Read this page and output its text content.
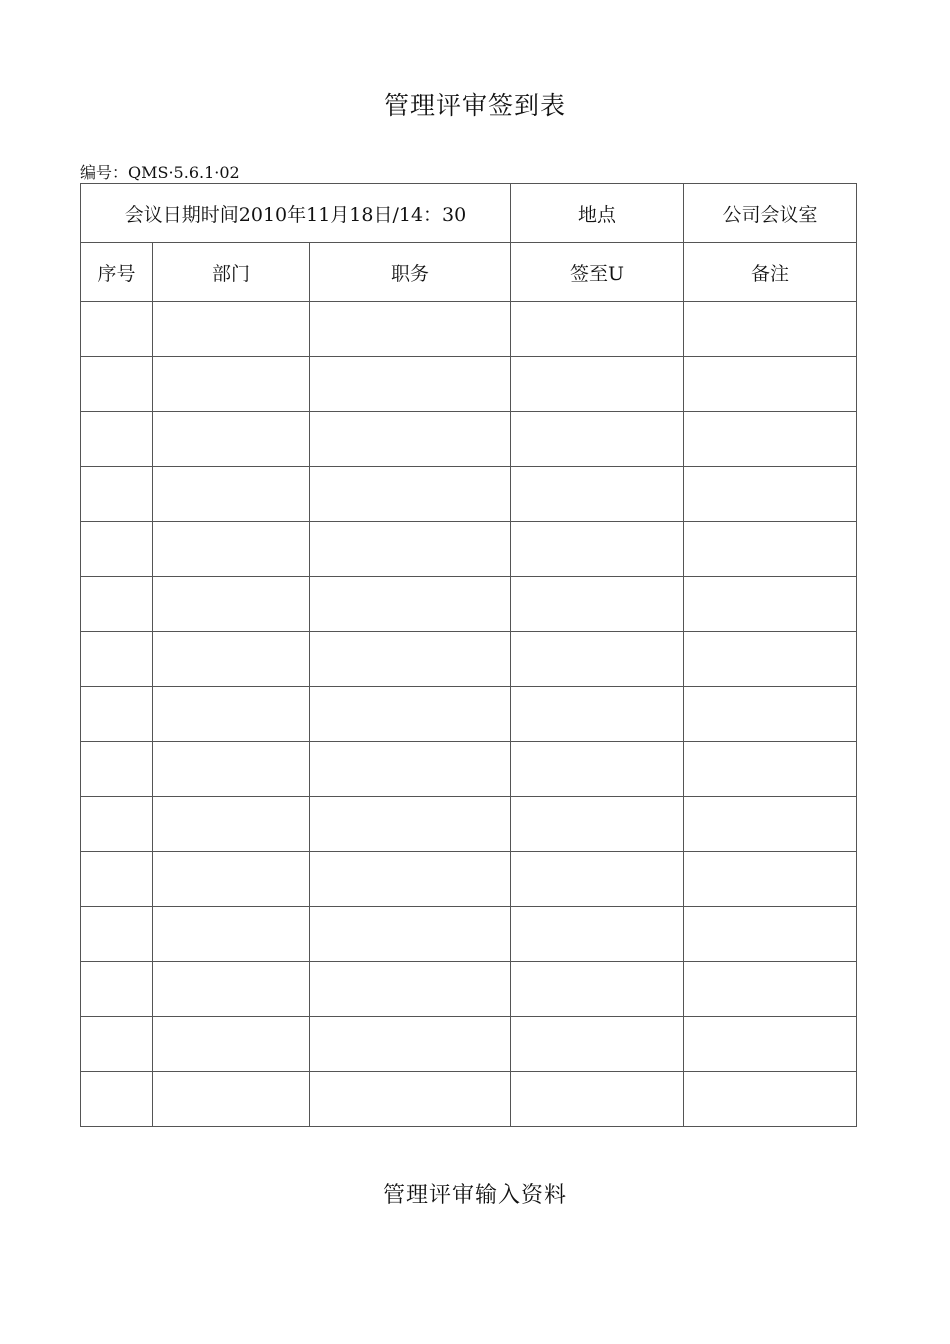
管理评审签到表
编号：QMS·5.6.1·02
会议日期时间2010年11月18日/14：30			地点	公司会议室
序号	部门	职务	签至U	备注

管理评审输入资料
